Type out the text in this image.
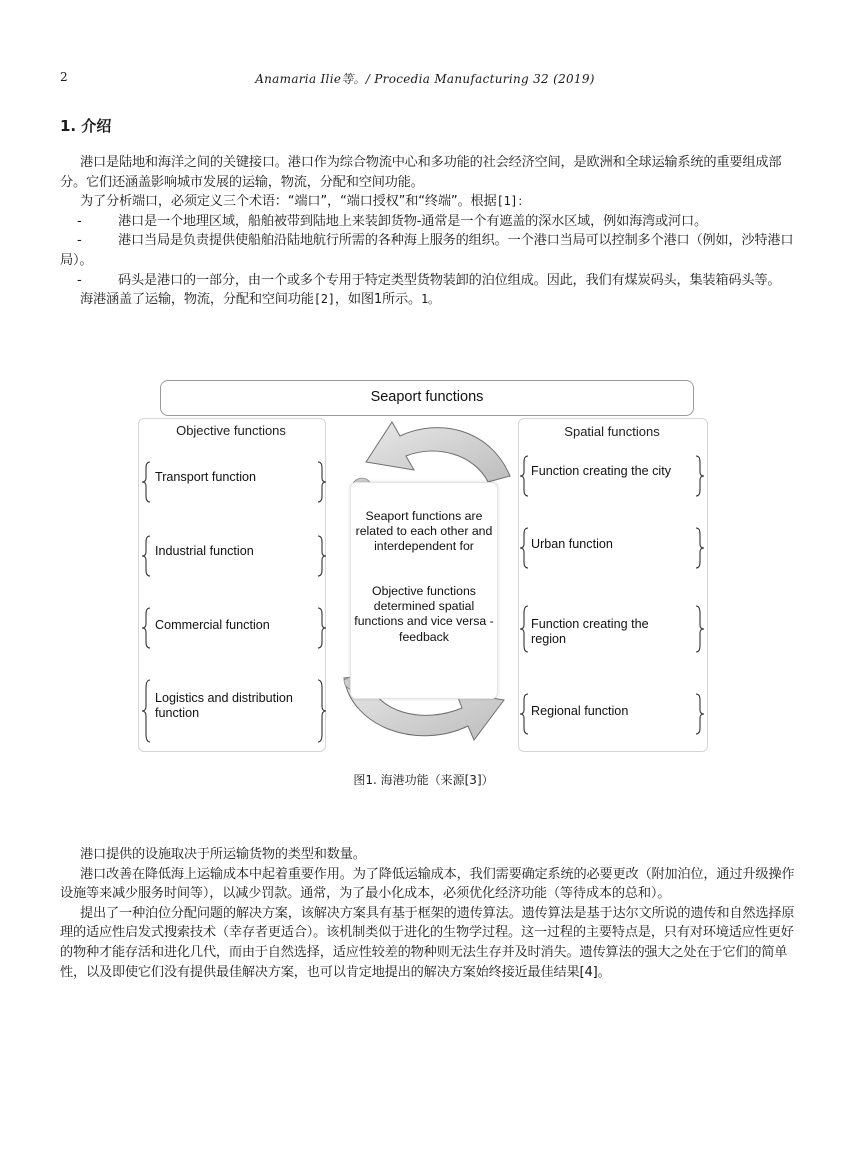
2	Anamaria Ilie等。/ Procedia Manufacturing 32 (2019)
1. 介绍

港口是陆地和海洋之间的关键接口。港口作为综合物流中心和多功能的社会经济空间，是欧洲和全球运输系统的重要组成部分。它们还涵盖影响城市发展的运输，物流，分配和空间功能。

为了分析端口，必须定义三个术语：“端口”，“端口授权”和“终端”。根据[1]：

-	港口是一个地理区域，船舶被带到陆地上来装卸货物-通常是一个有遮盖的深水区域，例如海湾或河口。

-	港口当局是负责提供使船舶沿陆地航行所需的各种海上服务的组织。一个港口当局可以控制多个港口（例如，沙特港口局）。

-	码头是港口的一部分，由一个或多个专用于特定类型货物装卸的泊位组成。因此，我们有煤炭码头，集装箱码头等。

海港涵盖了运输，物流，分配和空间功能[2]，如图1所示。1。

Seaport functions
Objective functions	Spatial functions
Transport function
Industrial function
Commercial function
Logistics and distribution function
Function creating the city
Urban function
Function creating the region
Regional function
Seaport functions are related to each other and interdependent for
Objective functions determined spatial functions and vice versa - feedback
图1. 海港功能（来源[3]）

港口提供的设施取决于所运输货物的类型和数量。

港口改善在降低海上运输成本中起着重要作用。为了降低运输成本，我们需要确定系统的必要更改（附加泊位，通过升级操作设施等来减少服务时间等），以减少罚款。通常，为了最小化成本，必须优化经济功能（等待成本的总和）。

提出了一种泊位分配问题的解决方案，该解决方案具有基于框架的遗传算法。遗传算法是基于达尔文所说的遗传和自然选择原理的适应性启发式搜索技术（幸存者更适合）。该机制类似于进化的生物学过程。这一过程的主要特点是，只有对环境适应性更好的物种才能存活和进化几代，而由于自然选择，适应性较差的物种则无法生存并及时消失。遗传算法的强大之处在于它们的简单性，以及即使它们没有提供最佳解决方案，也可以肯定地提出的解决方案始终接近最佳结果[4]。
